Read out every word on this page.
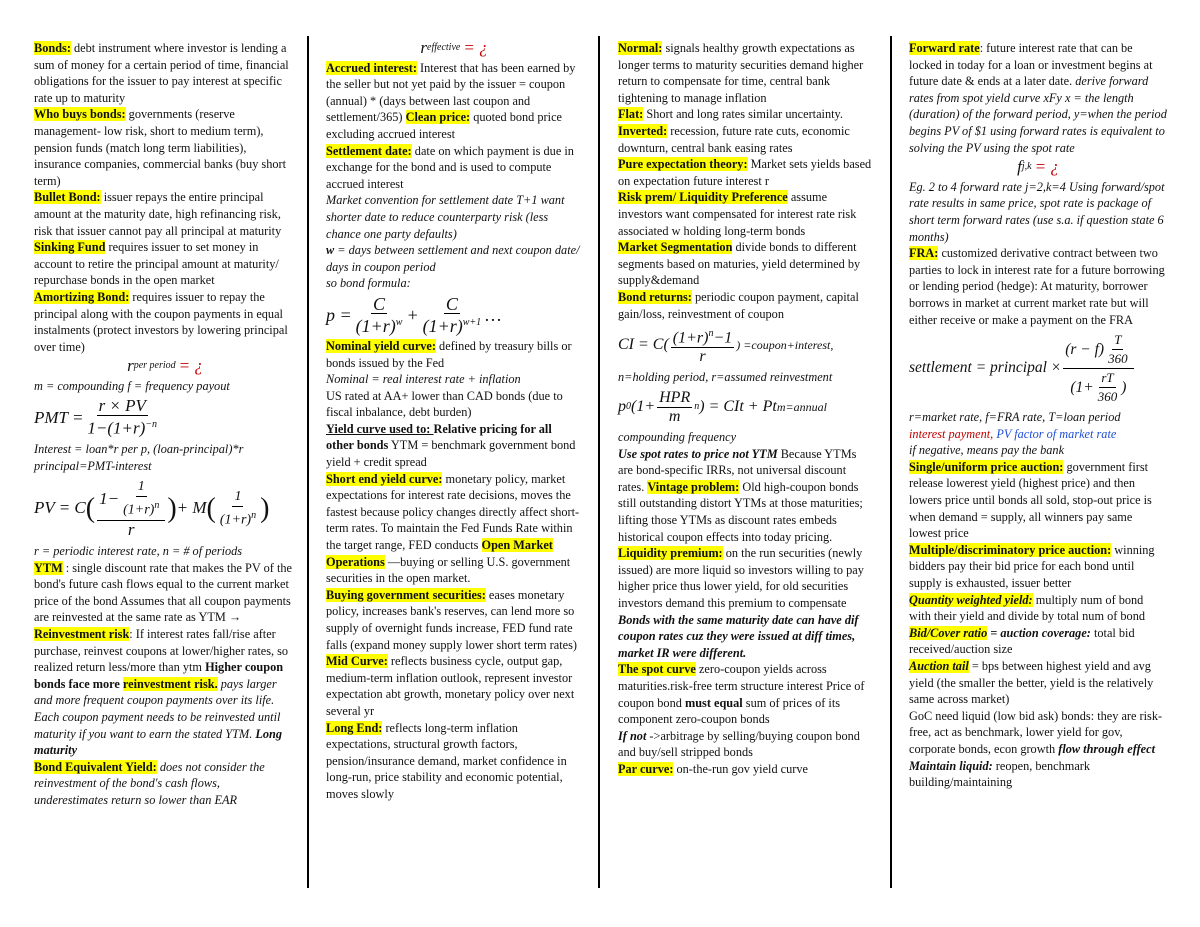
Bonds: debt instrument where investor is lending a sum of money for a certain period of time, financial obligations for the issuer to pay interest at specific rate up to maturity
Who buys bonds: governments (reserve management- low risk, short to medium term), pension funds (match long term liabilities), insurance companies, commercial banks (buy short term)
Bullet Bond: issuer repays the entire principal amount at the maturity date, high refinancing risk, risk that issuer cannot pay all principal at maturity Sinking Fund requires issuer to set money in account to retire the principal amount at maturity/ repurchase bonds in the open market
Amortizing Bond: requires issuer to repay the principal along with the coupon payments in equal instalments (protect investors by lowering principal over time)
r per period = ¿
m = compounding f = frequency payout
PMT = $\frac{r \times PV}{1-(1+r)^{-n}}$
Interest = loan*r per p, (loan-principal)*r
principal=PMT-interest
PV = C ( $\frac{1- \frac{1}{(1+r)^n}}{r}$ ) + M ( $\frac{1}{(1+r)^n}$ )
r = periodic interest rate, n = # of periods
YTM : single discount rate that makes the PV of the bond's future cash flows equal to the current market price of the bond Assumes that all coupon payments are reinvested at the same rate as YTM →
Reinvestment risk: If interest rates fall/rise after purchase, reinvest coupons at lower/higher rates, so realized return less/more than ytm Higher coupon bonds face more reinvestment risk. pays larger and more frequent coupon payments over its life. Each coupon payment needs to be reinvested until maturity if you want to earn the stated YTM. Long maturity
Bond Equivalent Yield: does not consider the reinvestment of the bond's cash flows, underestimates return so lower than EAR
r effective = ¿
Accrued interest: Interest that has been earned by the seller but not yet paid by the issuer = coupon (annual) * (days between last coupon and settlement/365) Clean price: quoted bond price excluding accrued interest
Settlement date: date on which payment is due in exchange for the bond and is used to compute accrued interest
Market convention for settlement date T+1 want shorter date to reduce counterparty risk (less chance one party defaults)
w = days between settlement and next coupon date/ days in coupon period
so bond formula:
$p = \frac{C}{(1+r)^w} + \frac{C}{(1+r)^{w+1}}$ …
Nominal yield curve: defined by treasury bills or bonds issued by the Fed
Nominal = real interest rate + inflation
US rated at AA+ lower than CAD bonds (due to fiscal inbalance, debt burden)
Yield curve used to: Relative pricing for all other bonds YTM = benchmark government bond yield + credit spread
Short end yield curve: monetary policy, market expectations for interest rate decisions, moves the fastest because policy changes directly affect short-term rates. To maintain the Fed Funds Rate within the target range, FED conducts Open Market Operations —buying or selling U.S. government securities in the open market.
Buying government securities: eases monetary policy, increases bank's reserves, can lend more so supply of overnight funds increase, FED fund rate falls (expand money supply lower short term rates)
Mid Curve: reflects business cycle, output gap, medium-term inflation outlook, represent investor expectation abt growth, monetary policy over next several yr
Long End: reflects long-term inflation expectations, structural growth factors, pension/insurance demand, market confidence in long-run, price stability and economic potential, moves slowly
Normal: signals healthy growth expectations as longer terms to maturity securities demand higher return to compensate for time, central bank tightening to manage inflation
Flat: Short and long rates similar uncertainty.
Inverted: recession, future rate cuts, economic downturn, central bank easing rates
Pure expectation theory: Market sets yields based on expectation future interest r
Risk prem/ Liquidity Preference assume investors want compensated for interest rate risk associated w holding long-term bonds
Market Segmentation divide bonds to different segments based on maturies, yield determined by supply&demand
Bond returns: periodic coupon payment, capital gain/loss, reinvestment of coupon
CI = $C( \frac{(1+r)^n-1}{r}$ ) =coupon+interest,
n=holding period, r=assumed reinvestment
p 0 ($1+ \frac{\text{HPR}}{m}$ n ) = CIt + Pt m=annual
compounding frequency
Use spot rates to price not YTM Because YTMs are bond-specific IRRs, not universal discount rates. Vintage problem: Old high-coupon bonds still outstanding distort YTMs at those maturities; lifting those YTMs as discount rates embeds historical coupon effects into today pricing.
Liquidity premium: on the run securities (newly issued) are more liquid so investors willing to pay higher price thus lower yield, for old securities investors demand this premium to compensate
Bonds with the same maturity date can have dif coupon rates cuz they were issued at diff times, market IR were different.
The spot curve zero-coupon yields across maturities.risk-free term structure interest Price of coupon bond must equal sum of prices of its component zero-coupon bonds
If not ->arbitrage by selling/buying coupon bond and buy/sell stripped bonds
Par curve: on-the-run gov yield curve
Forward rate: future interest rate that can be locked in today for a loan or investment begins at future date & ends at a later date. derive forward rates from spot yield curve xFy x = the length (duration) of the forward period, y=when the period begins PV of $1 using forward rates is equivalent to solving the PV using the spot rate
f j,k = ¿
Eg. 2 to 4 forward rate j=2,k=4 Using forward/spot rate results in same price, spot rate is package of short term forward rates (use s.a. if question state 6 months)
FRA: customized derivative contract between two parties to lock in interest rate for a future borrowing or lending period (hedge): At maturity, borrower borrows in market at current market rate but will either receive or make a payment on the FRA
settlement = principal × $\frac{(r - f) \frac{T}{360}}{(1+ \frac{rT}{360} )}$
r=market rate, f=FRA rate, T=loan period
interest payment, PV factor of market rate
if negative, means pay the bank
Single/uniform price auction: government first release lowerest yield (highest price) and then lowers price until bonds all sold, stop-out price is when demand = supply, all winners pay same lowest price
Multiple/discriminatory price auction: winning bidders pay their bid price for each bond until supply is exhausted, issuer better
Quantity weighted yield: multiply num of bond with their yield and divide by total num of bond
Bid/Cover ratio = auction coverage: total bid received/auction size
Auction tail = bps between highest yield and avg yield (the smaller the better, yield is the relatively same across market)
GoC need liquid (low bid ask) bonds: they are risk-free, act as benchmark, lower yield for gov, corporate bonds, econ growth flow through effect
Maintain liquid: reopen, benchmark building/maintaining
